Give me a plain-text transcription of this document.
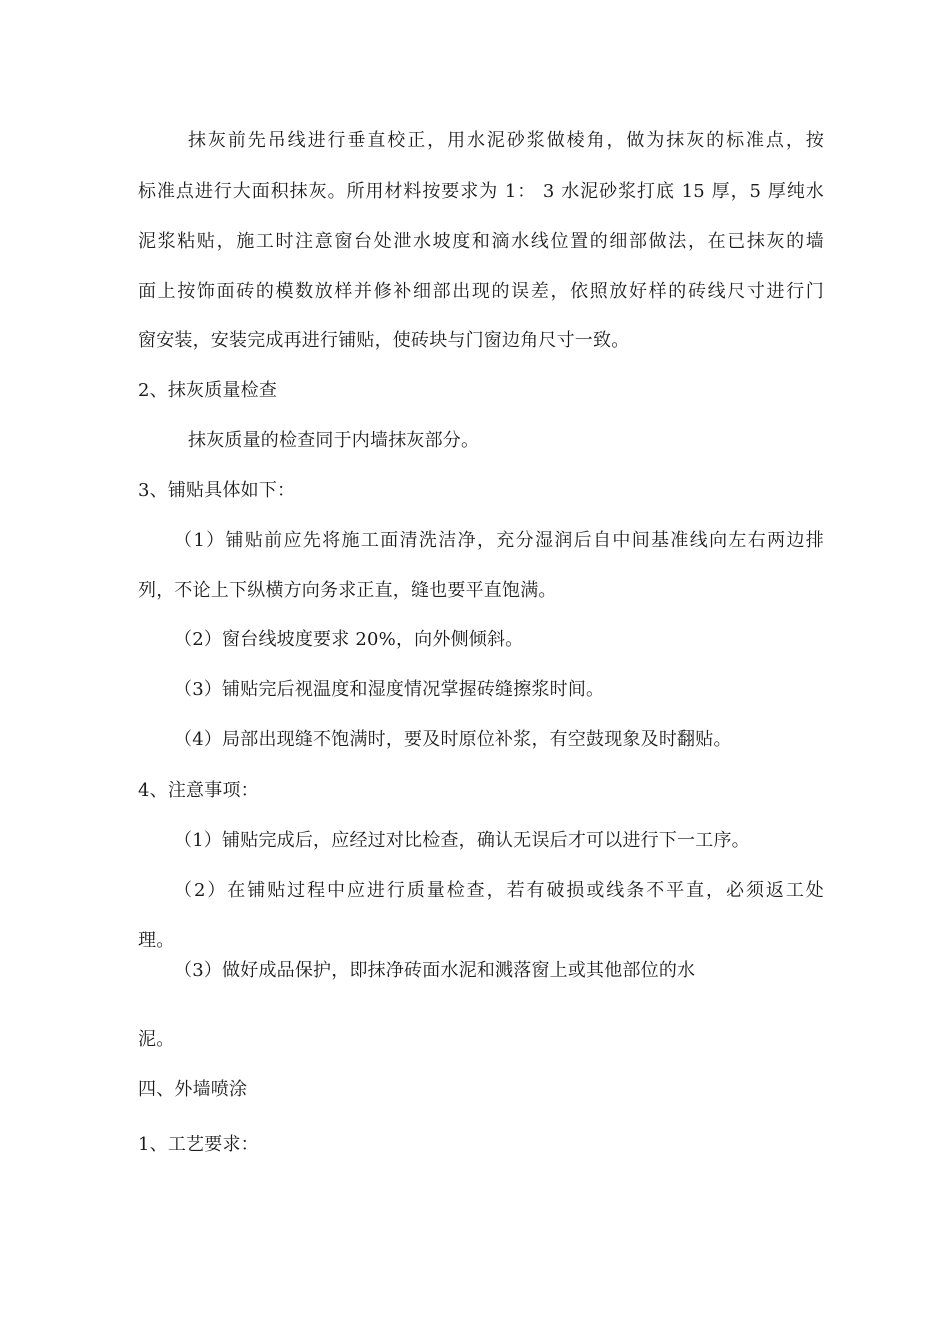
抹灰前先吊线进行垂直校正，用水泥砂浆做棱角，做为抹灰的标准点，按
标准点进行大面积抹灰。所用材料按要求为 1： 3 水泥砂浆打底 15 厚，5 厚纯水
泥浆粘贴，施工时注意窗台处泄水坡度和滴水线位置的细部做法，在已抹灰的墙
面上按饰面砖的模数放样并修补细部出现的误差，依照放好样的砖线尺寸进行门
窗安装，安装完成再进行铺贴，使砖块与门窗边角尺寸一致。
2、抹灰质量检查
抹灰质量的检查同于内墙抹灰部分。
3、铺贴具体如下：
（1）铺贴前应先将施工面清洗洁净，充分湿润后自中间基准线向左右两边排
列，不论上下纵横方向务求正直，缝也要平直饱满。
（2）窗台线坡度要求 20%，向外侧倾斜。
（3）铺贴完后视温度和湿度情况掌握砖缝擦浆时间。
（4）局部出现缝不饱满时，要及时原位补浆，有空鼓现象及时翻贴。
4、注意事项：
（1）铺贴完成后，应经过对比检查，确认无误后才可以进行下一工序。
（2）在铺贴过程中应进行质量检查，若有破损或线条不平直，必须返工处
理。
（3）做好成品保护，即抹净砖面水泥和溅落窗上或其他部位的水
泥。
四、外墙喷涂
1、工艺要求：
